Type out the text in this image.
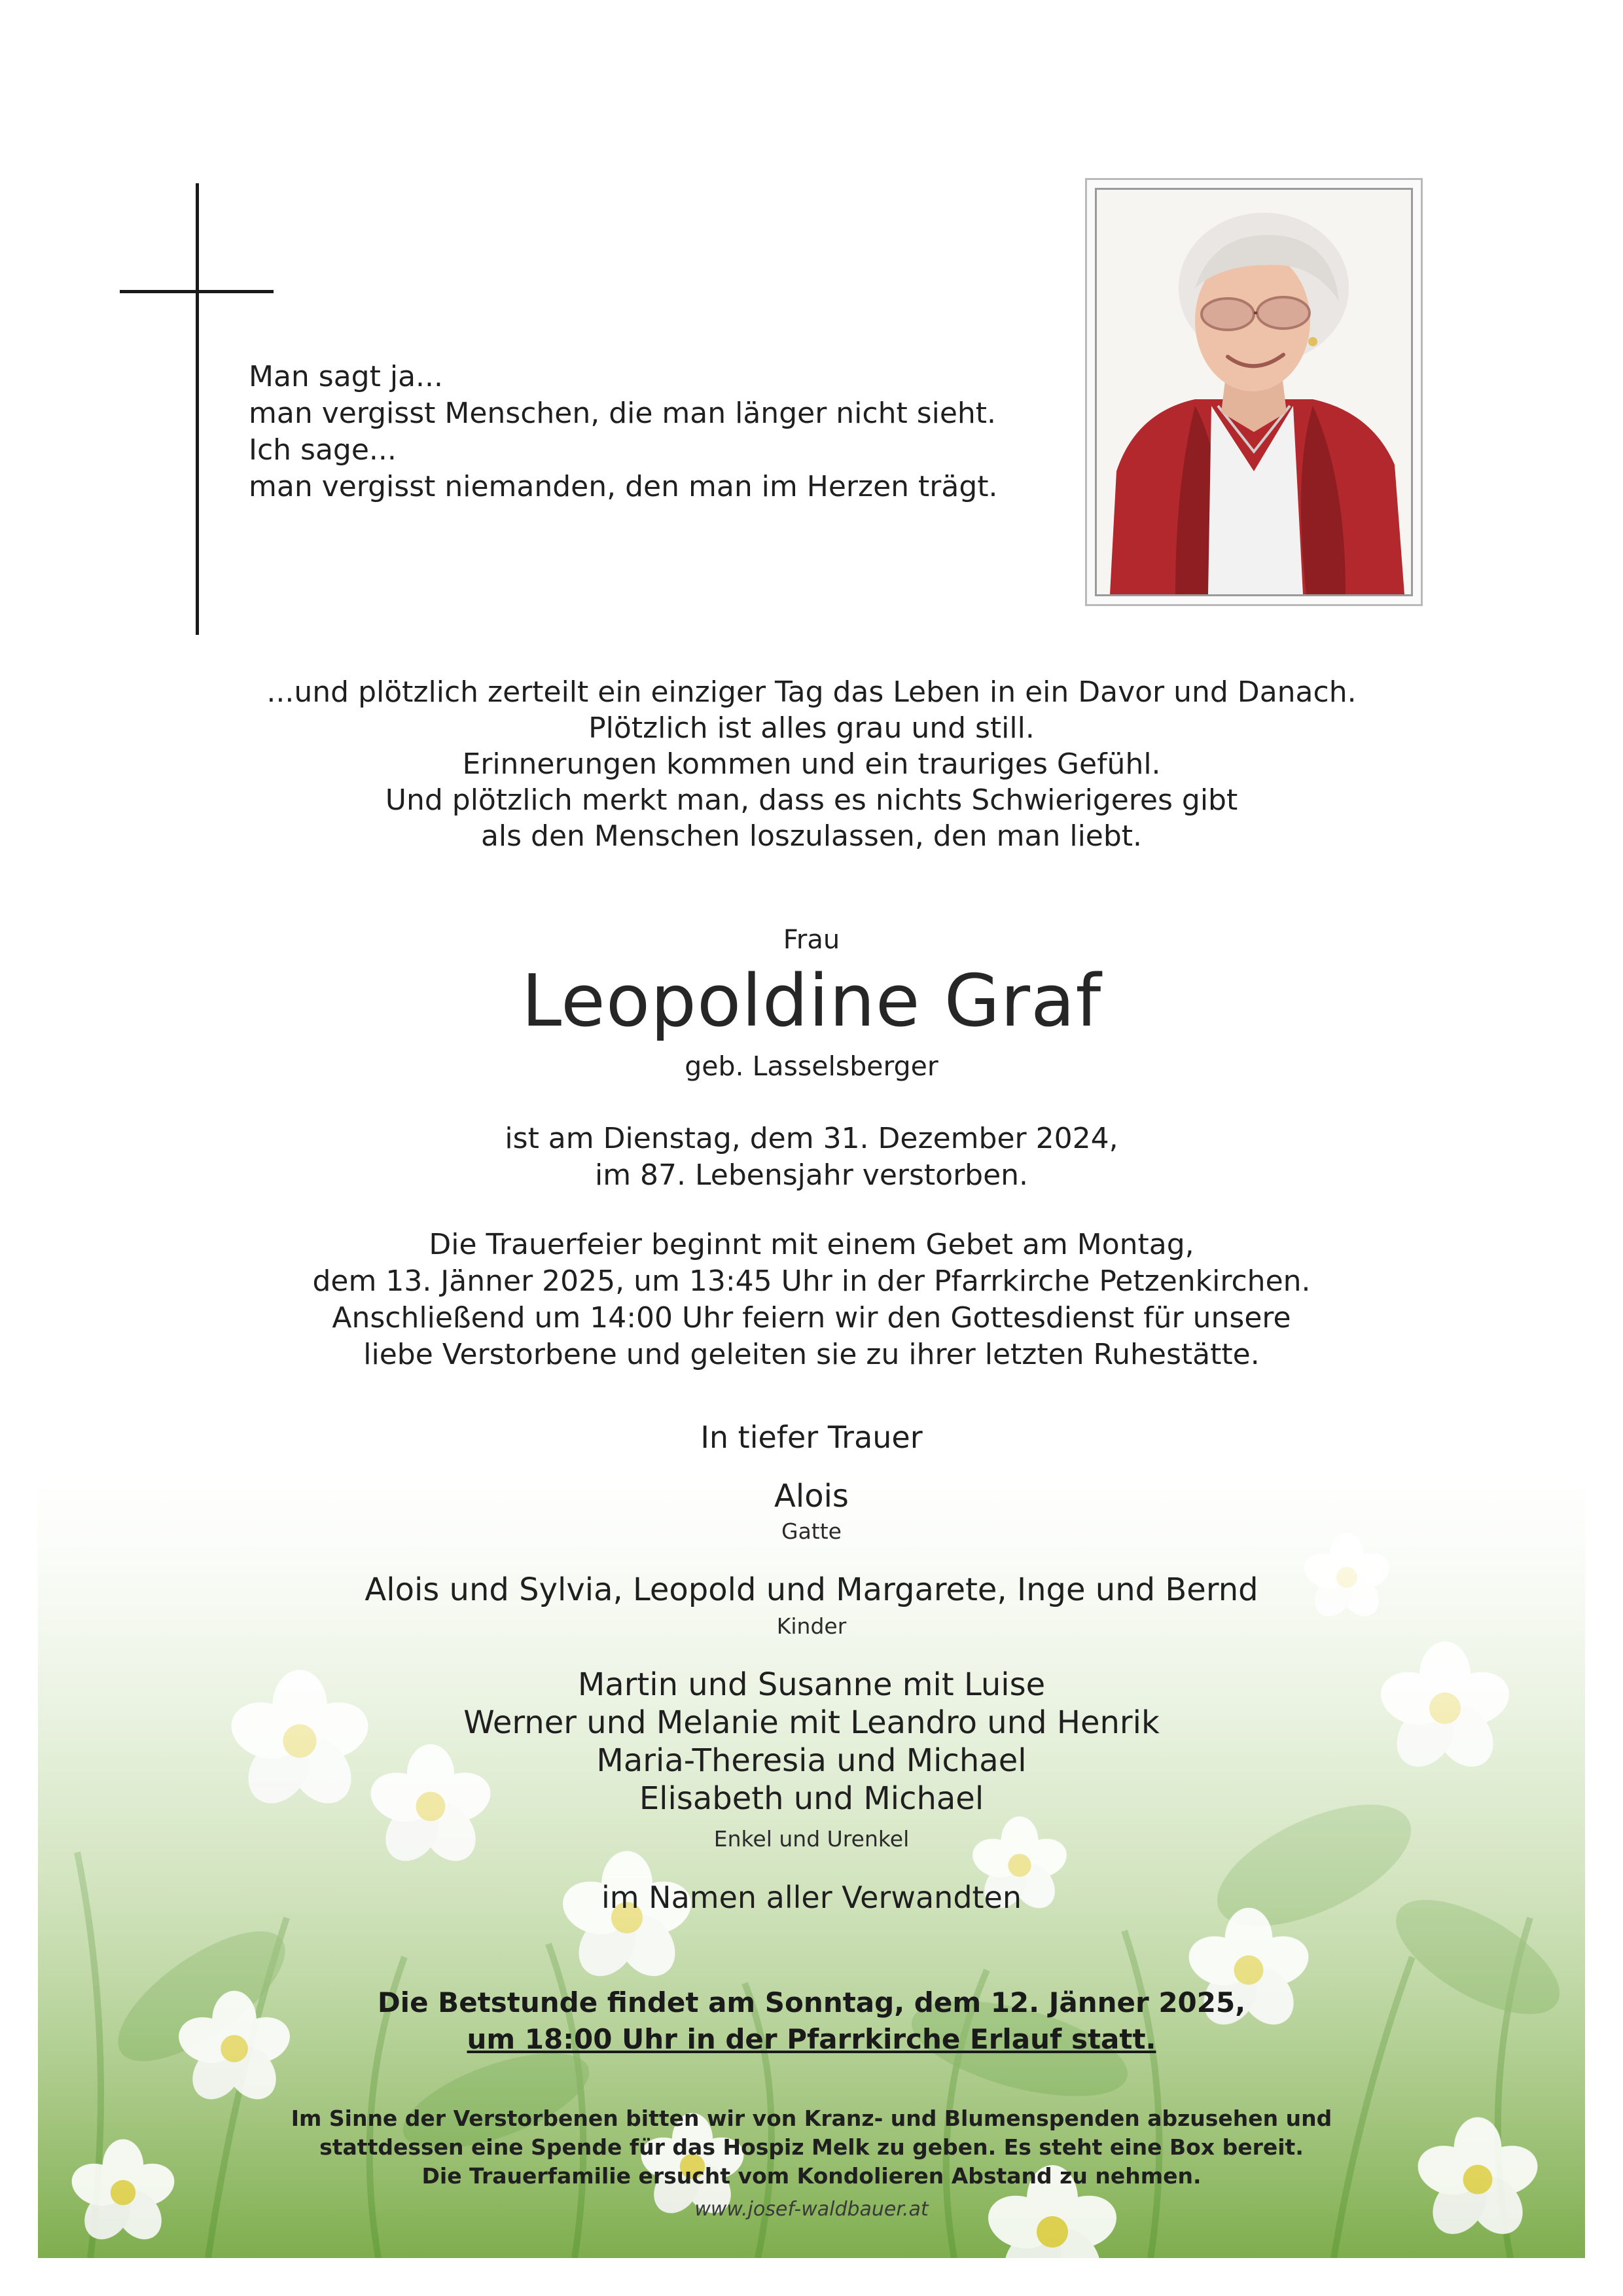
Man sagt ja...
man vergisst Menschen, die man länger nicht sieht.
Ich sage...
man vergisst niemanden, den man im Herzen trägt.
...und plötzlich zerteilt ein einziger Tag das Leben in ein Davor und Danach.
Plötzlich ist alles grau und still.
Erinnerungen kommen und ein trauriges Gefühl.
Und plötzlich merkt man, dass es nichts Schwierigeres gibt
als den Menschen loszulassen, den man liebt.
Frau
Leopoldine Graf
geb. Lasselsberger
ist am Dienstag, dem 31. Dezember 2024,
im 87. Lebensjahr verstorben.
Die Trauerfeier beginnt mit einem Gebet am Montag,
dem 13. Jänner 2025, um 13:45 Uhr in der Pfarrkirche Petzenkirchen.
Anschließend um 14:00 Uhr feiern wir den Gottesdienst für unsere
liebe Verstorbene und geleiten sie zu ihrer letzten Ruhestätte.
In tiefer Trauer
Alois
Gatte
Alois und Sylvia, Leopold und Margarete, Inge und Bernd
Kinder
Martin und Susanne mit Luise
Werner und Melanie mit Leandro und Henrik
Maria-Theresia und Michael
Elisabeth und Michael
Enkel und Urenkel
im Namen aller Verwandten
Die Betstunde findet am Sonntag, dem 12. Jänner 2025,
um 18:00 Uhr in der Pfarrkirche Erlauf statt.
Im Sinne der Verstorbenen bitten wir von Kranz- und Blumenspenden abzusehen und
stattdessen eine Spende für das Hospiz Melk zu geben. Es steht eine Box bereit.
Die Trauerfamilie ersucht vom Kondolieren Abstand zu nehmen.
www.josef-waldbauer.at
